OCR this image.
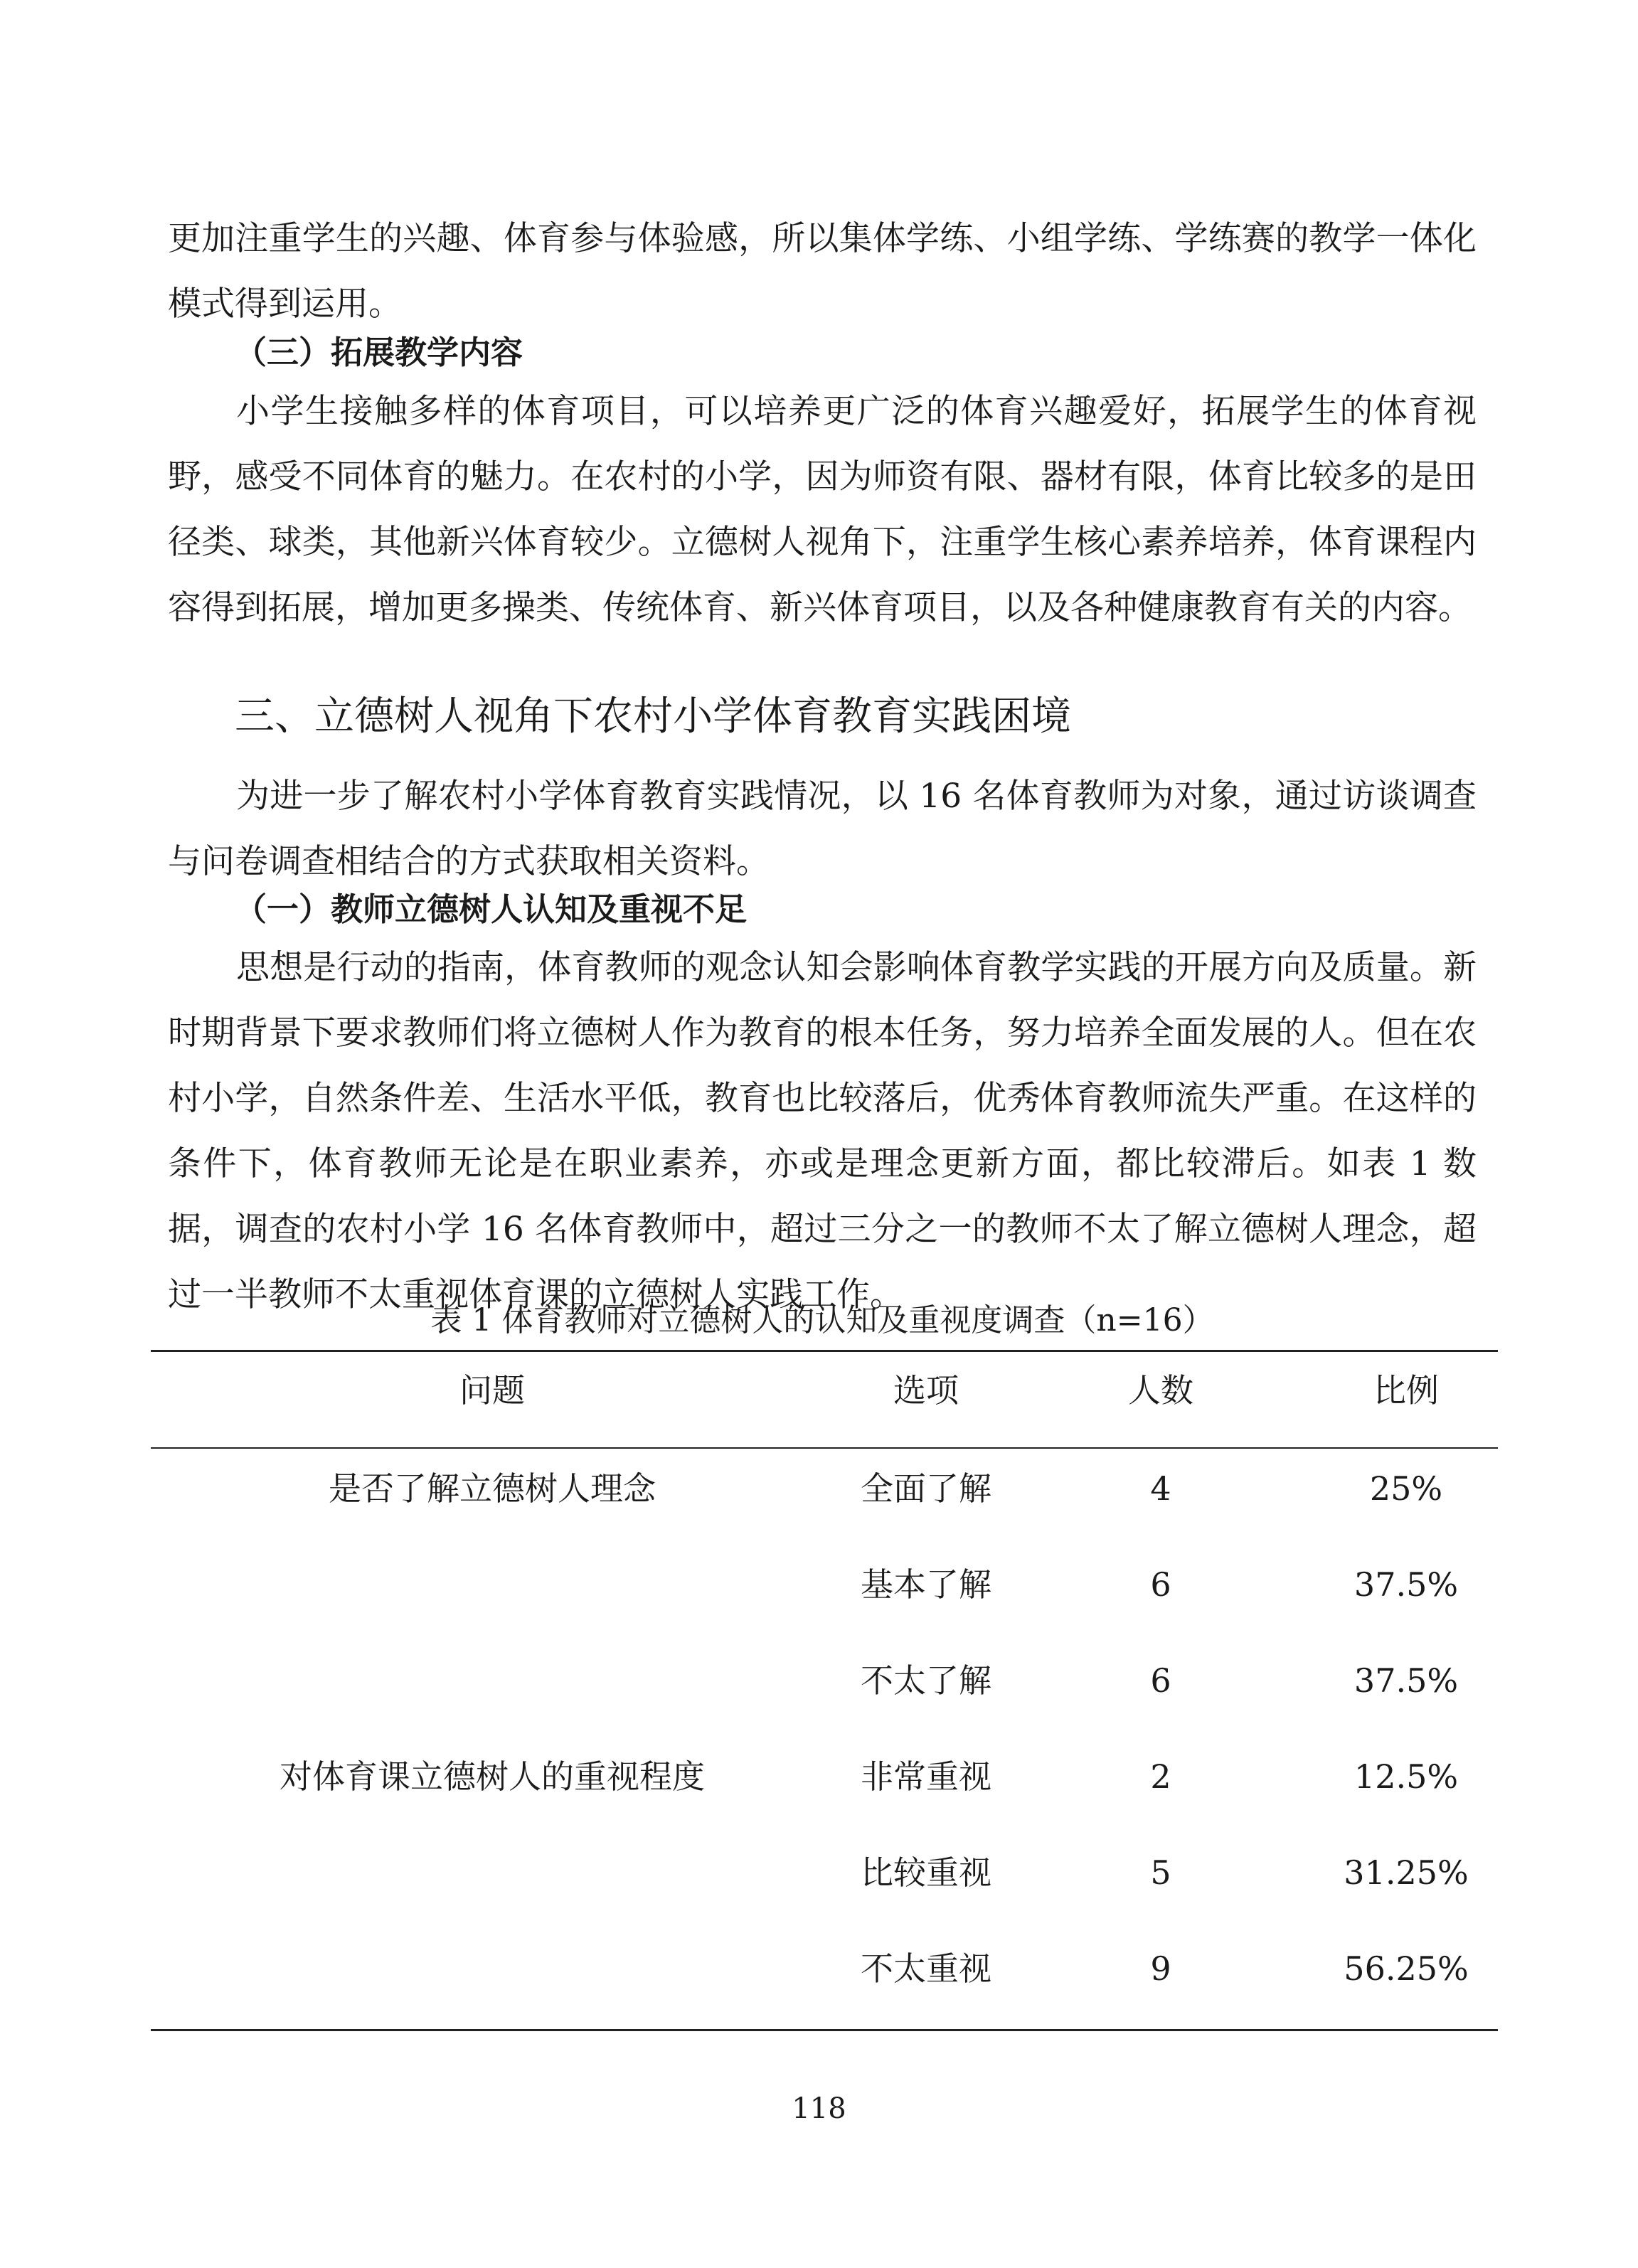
更加注重学生的兴趣、体育参与体验感，所以集体学练、小组学练、学练赛的教学一体化模式得到运用。

（三）拓展教学内容

小学生接触多样的体育项目，可以培养更广泛的体育兴趣爱好，拓展学生的体育视野，感受不同体育的魅力。在农村的小学，因为师资有限、器材有限，体育比较多的是田径类、球类，其他新兴体育较少。立德树人视角下，注重学生核心素养培养，体育课程内容得到拓展，增加更多操类、传统体育、新兴体育项目，以及各种健康教育有关的内容。

三、立德树人视角下农村小学体育教育实践困境

为进一步了解农村小学体育教育实践情况，以 16 名体育教师为对象，通过访谈调查与问卷调查相结合的方式获取相关资料。

（一）教师立德树人认知及重视不足

思想是行动的指南，体育教师的观念认知会影响体育教学实践的开展方向及质量。新时期背景下要求教师们将立德树人作为教育的根本任务，努力培养全面发展的人。但在农村小学，自然条件差、生活水平低，教育也比较落后，优秀体育教师流失严重。在这样的条件下，体育教师无论是在职业素养，亦或是理念更新方面，都比较滞后。如表 1 数据，调查的农村小学 16 名体育教师中，超过三分之一的教师不太了解立德树人理念，超过一半教师不太重视体育课的立德树人实践工作。

表 1 体育教师对立德树人的认知及重视度调查（n=16）

问题	选项	人数	比例
是否了解立德树人理念	全面了解	4	25%
基本了解	6	37.5%
不太了解	6	37.5%
对体育课立德树人的重视程度	非常重视	2	12.5%
比较重视	5	31.25%
不太重视	9	56.25%
118
